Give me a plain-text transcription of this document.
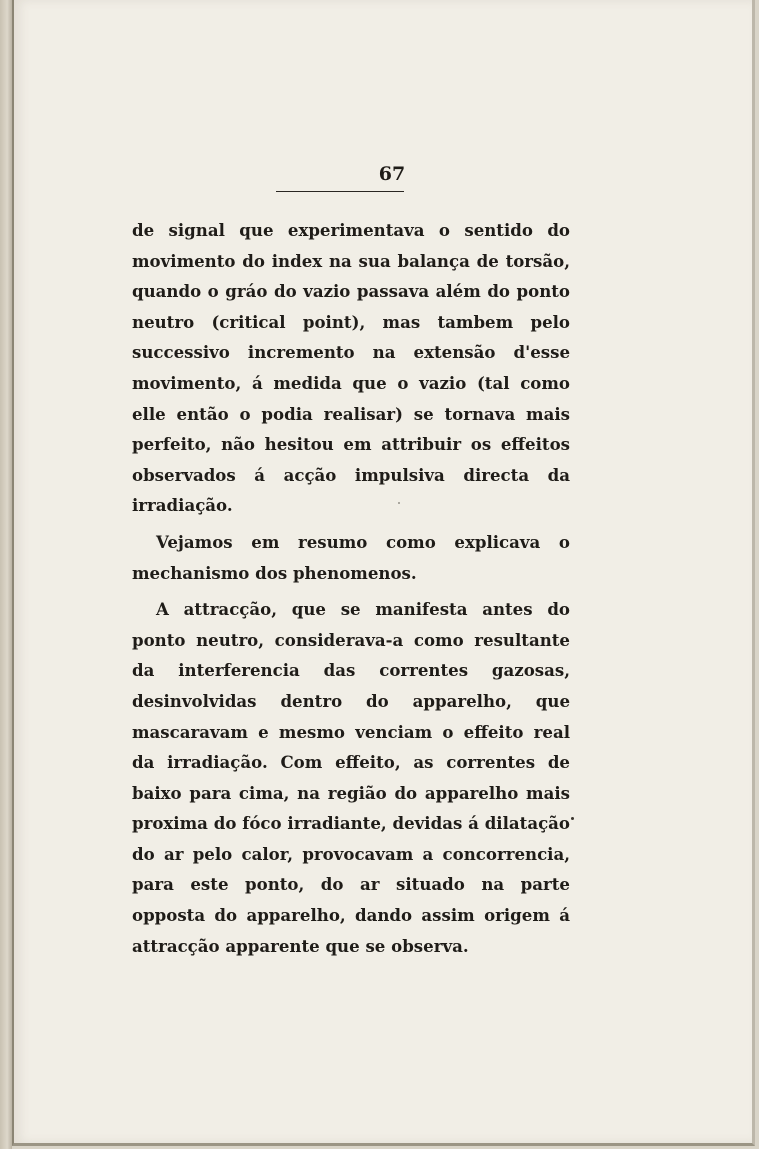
67

de signal que experimentava o sentido do movimento do index na sua balança de torsão, quando o gráo do vazio passava além do ponto neutro (critical point), mas tambem pelo successivo incremento na extensão d'esse movimento, á medida que o vazio (tal como elle então o podia realisar) se tornava mais perfeito, não hesitou em attribuir os effeitos observados á acção impulsiva directa da irradiação.

Vejamos em resumo como explicava o mechanismo dos phenomenos.

A attracção, que se manifesta antes do ponto neutro, considerava-a como resultante da interferencia das correntes gazosas, desinvolvidas dentro do apparelho, que mascaravam e mesmo venciam o effeito real da irradiação. Com effeito, as correntes de baixo para cima, na região do apparelho mais proxima do fóco irradiante, devidas á dilatação do ar pelo calor, provocavam a concorrencia, para este ponto, do ar situado na parte opposta do apparelho, dando assim origem á attracção apparente que se observa.
